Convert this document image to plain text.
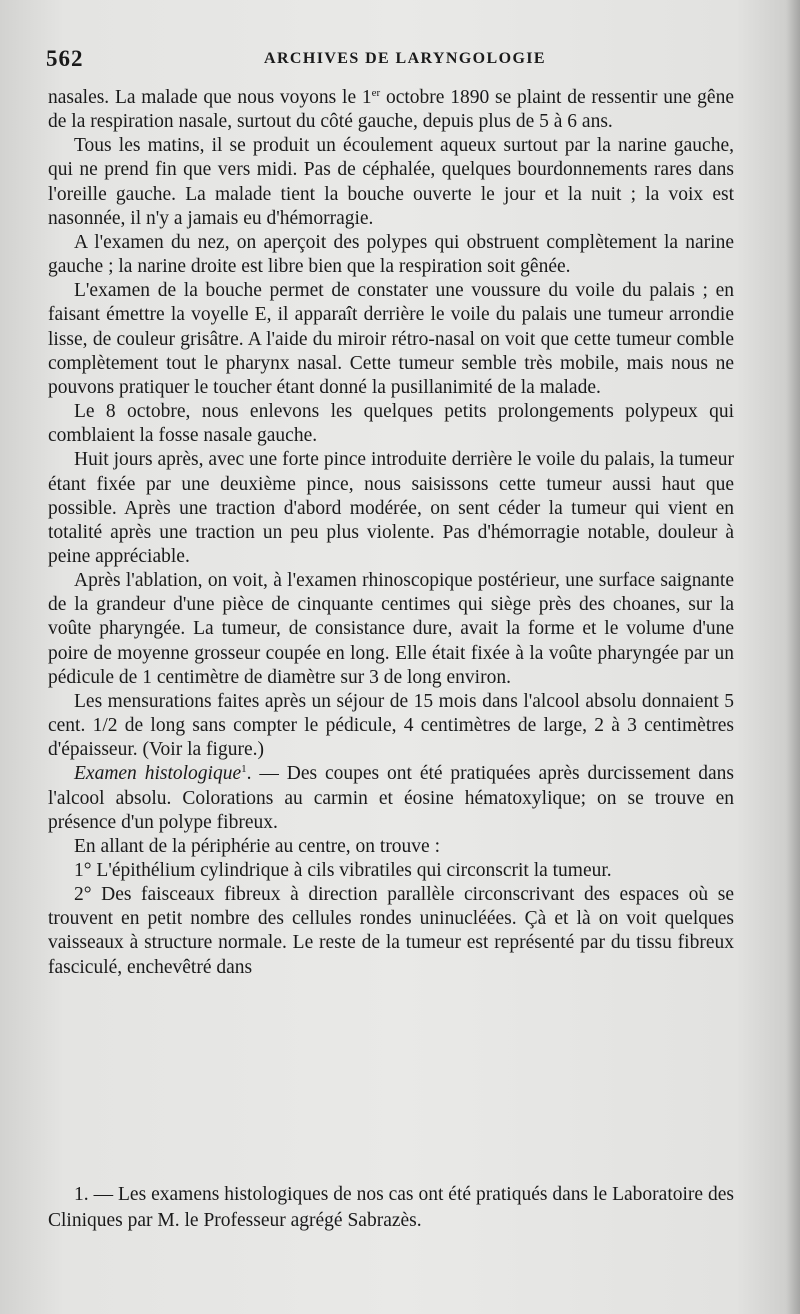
562	ARCHIVES DE LARYNGOLOGIE

nasales. La malade que nous voyons le 1er octobre 1890 se plaint de ressentir une gêne de la respiration nasale, surtout du côté gauche, depuis plus de 5 à 6 ans.

Tous les matins, il se produit un écoulement aqueux surtout par la narine gauche, qui ne prend fin que vers midi. Pas de céphalée, quelques bourdonnements rares dans l'oreille gauche. La malade tient la bouche ouverte le jour et la nuit ; la voix est nasonnée, il n'y a jamais eu d'hémorragie.

A l'examen du nez, on aperçoit des polypes qui obstruent complètement la narine gauche ; la narine droite est libre bien que la respiration soit gênée.

L'examen de la bouche permet de constater une voussure du voile du palais ; en faisant émettre la voyelle E, il apparaît derrière le voile du palais une tumeur arrondie lisse, de couleur grisâtre. A l'aide du miroir rétro-nasal on voit que cette tumeur comble complètement tout le pharynx nasal. Cette tumeur semble très mobile, mais nous ne pouvons pratiquer le toucher étant donné la pusillanimité de la malade.

Le 8 octobre, nous enlevons les quelques petits prolongements polypeux qui comblaient la fosse nasale gauche.

Huit jours après, avec une forte pince introduite derrière le voile du palais, la tumeur étant fixée par une deuxième pince, nous saisissons cette tumeur aussi haut que possible. Après une traction d'abord modérée, on sent céder la tumeur qui vient en totalité après une traction un peu plus violente. Pas d'hémorragie notable, douleur à peine appréciable.

Après l'ablation, on voit, à l'examen rhinoscopique postérieur, une surface saignante de la grandeur d'une pièce de cinquante centimes qui siège près des choanes, sur la voûte pharyngée. La tumeur, de consistance dure, avait la forme et le volume d'une poire de moyenne grosseur coupée en long. Elle était fixée à la voûte pharyngée par un pédicule de 1 centimètre de diamètre sur 3 de long environ.

Les mensurations faites après un séjour de 15 mois dans l'alcool absolu donnaient 5 cent. 1/2 de long sans compter le pédicule, 4 centimètres de large, 2 à 3 centimètres d'épaisseur. (Voir la figure.)

Examen histologique$^1$. — Des coupes ont été pratiquées après durcissement dans l'alcool absolu. Colorations au carmin et éosine hématoxylique; on se trouve en présence d'un polype fibreux.

En allant de la périphérie au centre, on trouve :

1° L'épithélium cylindrique à cils vibratiles qui circonscrit la tumeur.

2° Des faisceaux fibreux à direction parallèle circonscrivant des espaces où se trouvent en petit nombre des cellules rondes uninucléées. Çà et là on voit quelques vaisseaux à structure normale. Le reste de la tumeur est représenté par du tissu fibreux fasciculé, enchevêtré dans

1. — Les examens histologiques de nos cas ont été pratiqués dans le Laboratoire des Cliniques par M. le Professeur agrégé Sabrazès.
